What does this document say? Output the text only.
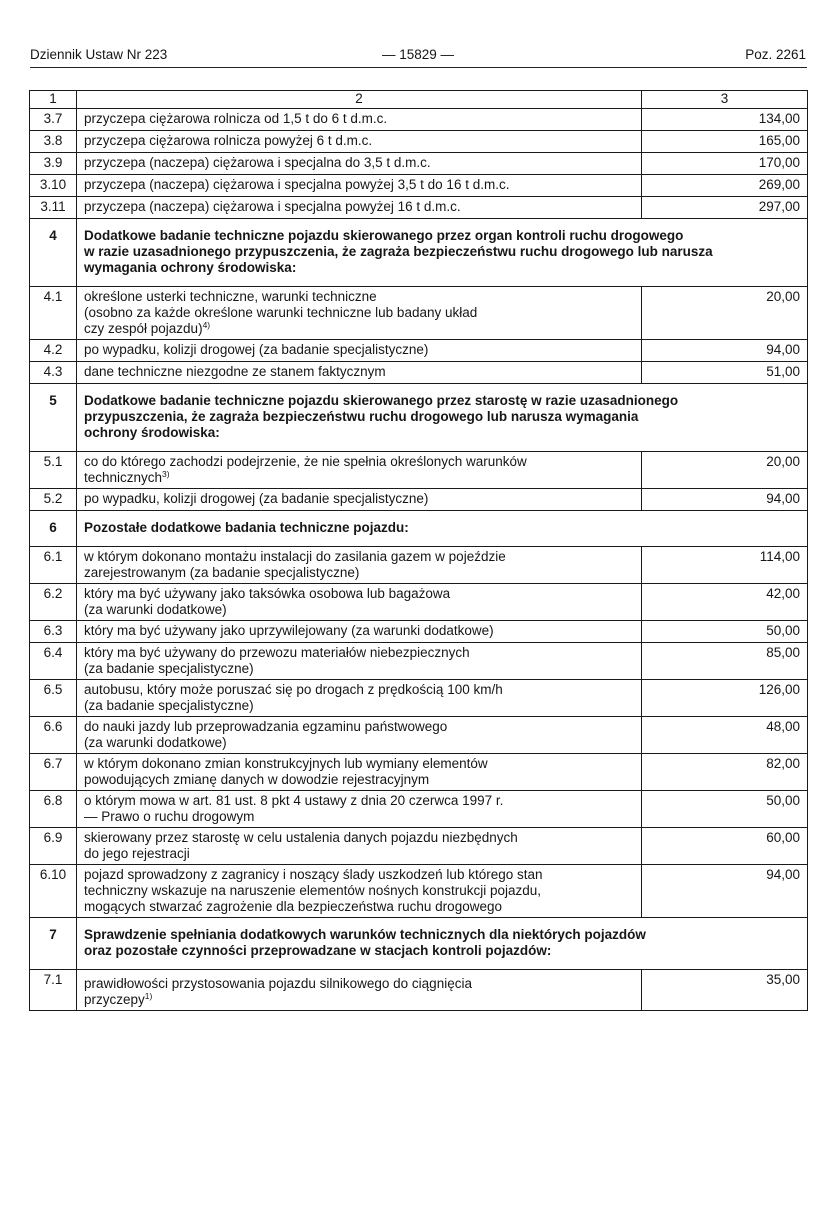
Dziennik Ustaw Nr 223	— 15829 —	Poz. 2261
1	2	3
3.7	przyczepa ciężarowa rolnicza od 1,5 t do 6 t d.m.c.	134,00
3.8	przyczepa ciężarowa rolnicza powyżej 6 t d.m.c.	165,00
3.9	przyczepa (naczepa) ciężarowa i specjalna do 3,5 t d.m.c.	170,00
3.10	przyczepa (naczepa) ciężarowa i specjalna powyżej 3,5 t do 16 t d.m.c.	269,00
3.11	przyczepa (naczepa) ciężarowa i specjalna powyżej 16 t d.m.c.	297,00
4	Dodatkowe badanie techniczne pojazdu skierowanego przez organ kontroli ruchu drogowego
w razie uzasadnionego przypuszczenia, że zagraża bezpieczeństwu ruchu drogowego lub narusza
wymagania ochrony środowiska:	
4.1	określone usterki techniczne, warunki techniczne
(osobno za każde określone warunki techniczne lub badany układ
czy zespół pojazdu)$^{4)}$	20,00
4.2	po wypadku, kolizji drogowej (za badanie specjalistyczne)	94,00
4.3	dane techniczne niezgodne ze stanem faktycznym	51,00
5	Dodatkowe badanie techniczne pojazdu skierowanego przez starostę w razie uzasadnionego
przypuszczenia, że zagraża bezpieczeństwu ruchu drogowego lub narusza wymagania
ochrony środowiska:	
5.1	co do którego zachodzi podejrzenie, że nie spełnia określonych warunków
technicznych$^{3)}$	20,00
5.2	po wypadku, kolizji drogowej (za badanie specjalistyczne)	94,00
6	Pozostałe dodatkowe badania techniczne pojazdu:	
6.1	w którym dokonano montażu instalacji do zasilania gazem w pojeździe
zarejestrowanym (za badanie specjalistyczne)	114,00
6.2	który ma być używany jako taksówka osobowa lub bagażowa
(za warunki dodatkowe)	42,00
6.3	który ma być używany jako uprzywilejowany (za warunki dodatkowe)	50,00
6.4	który ma być używany do przewozu materiałów niebezpiecznych
(za badanie specjalistyczne)	85,00
6.5	autobusu, który może poruszać się po drogach z prędkością 100 km/h
(za badanie specjalistyczne)	126,00
6.6	do nauki jazdy lub przeprowadzania egzaminu państwowego
(za warunki dodatkowe)	48,00
6.7	w którym dokonano zmian konstrukcyjnych lub wymiany elementów
powodujących zmianę danych w dowodzie rejestracyjnym	82,00
6.8	o którym mowa w art. 81 ust. 8 pkt 4 ustawy z dnia 20 czerwca 1997 r.
— Prawo o ruchu drogowym	50,00
6.9	skierowany przez starostę w celu ustalenia danych pojazdu niezbędnych
do jego rejestracji	60,00
6.10	pojazd sprowadzony z zagranicy i noszący ślady uszkodzeń lub którego stan
techniczny wskazuje na naruszenie elementów nośnych konstrukcji pojazdu,
mogących stwarzać zagrożenie dla bezpieczeństwa ruchu drogowego	94,00
7	Sprawdzenie spełniania dodatkowych warunków technicznych dla niektórych pojazdów
oraz pozostałe czynności przeprowadzane w stacjach kontroli pojazdów:	
7.1	prawidłowości przystosowania pojazdu silnikowego do ciągnięcia
przyczepy$^{1)}$	35,00
